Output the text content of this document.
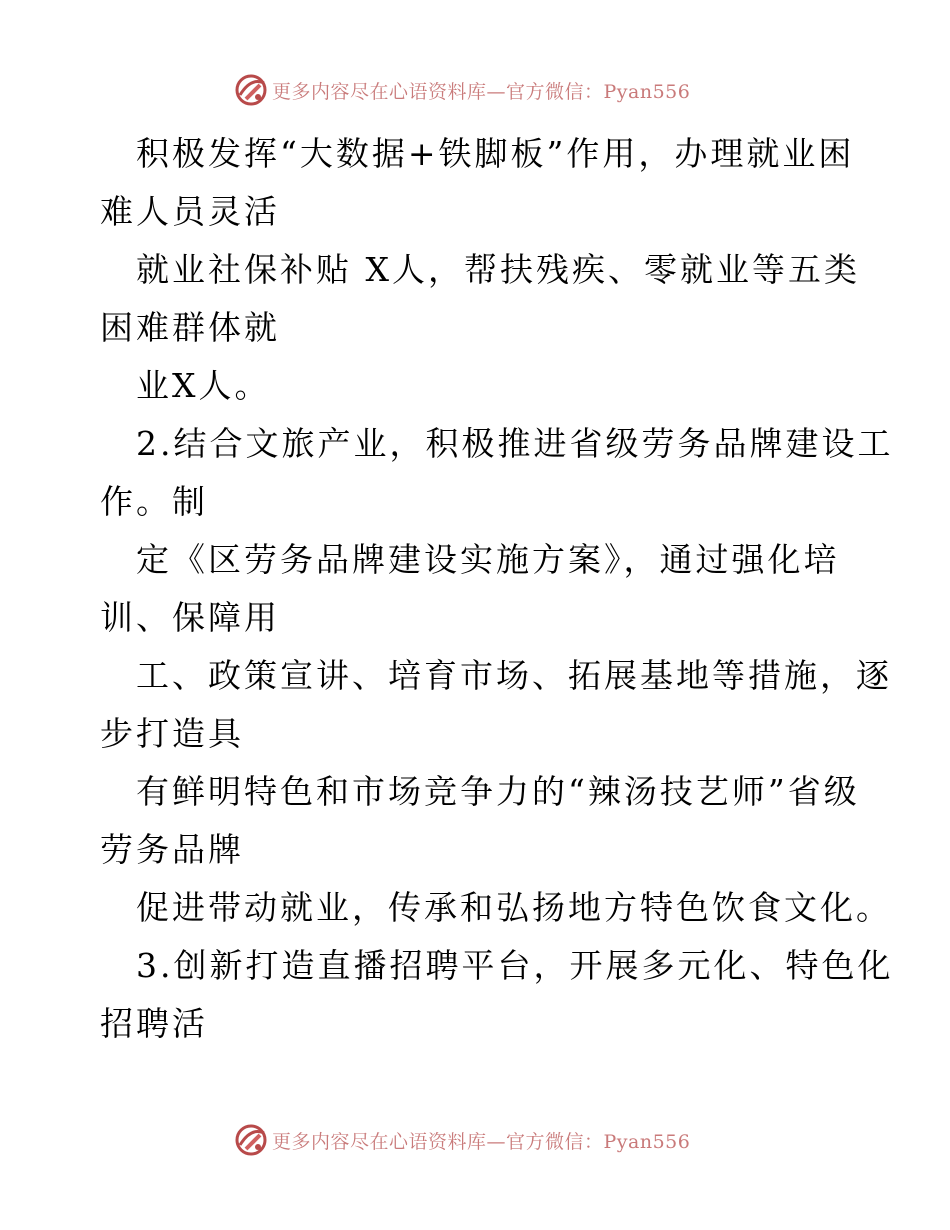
更多内容尽在心语资料库—官方微信：Pyan556
积极发挥“大数据+铁脚板”作用，办理就业困
难人员灵活
就业社保补贴 X人，帮扶残疾、零就业等五类
困难群体就
业X人。
2.结合文旅产业，积极推进省级劳务品牌建设工
作。制
定《区劳务品牌建设实施方案》，通过强化培
训、保障用
工、政策宣讲、培育市场、拓展基地等措施，逐
步打造具
有鲜明特色和市场竞争力的“辣汤技艺师”省级
劳务品牌
促进带动就业，传承和弘扬地方特色饮食文化。
3.创新打造直播招聘平台，开展多元化、特色化
招聘活
更多内容尽在心语资料库—官方微信：Pyan556
